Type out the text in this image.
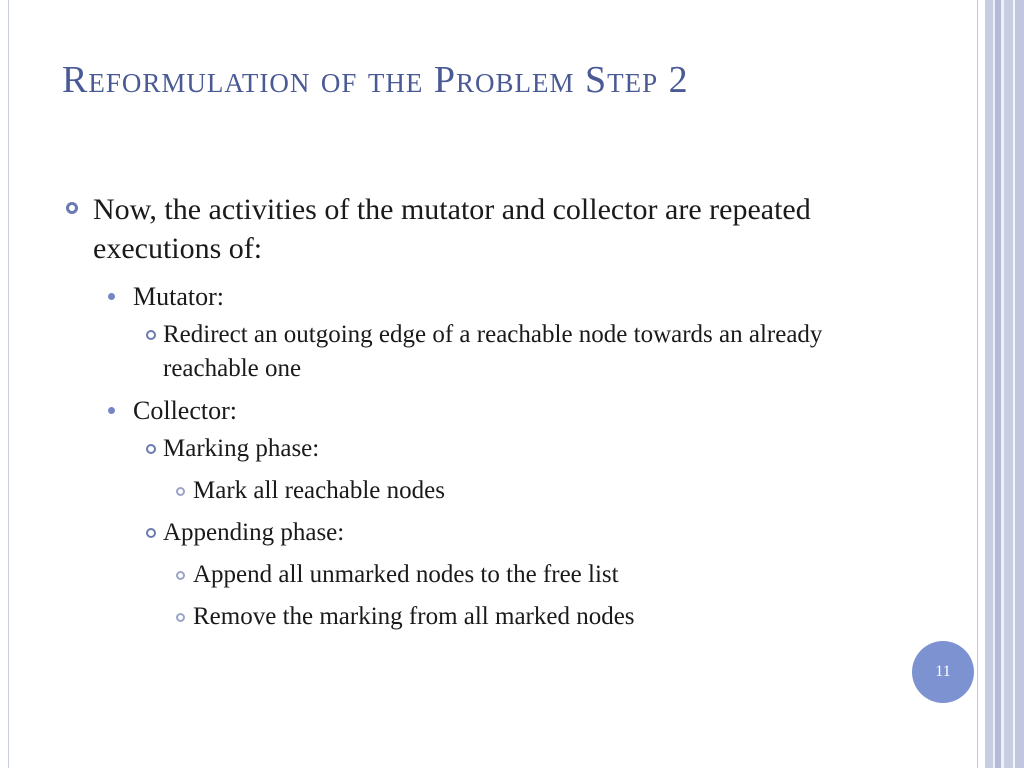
Reformulation of the Problem Step 2
Now, the activities of the mutator and collector are repeated executions of:
Mutator:
Redirect an outgoing edge of a reachable node towards an already reachable one
Collector:
Marking phase:
Mark all reachable nodes
Appending phase:
Append all unmarked nodes to the free list
Remove the marking from all marked nodes
11
